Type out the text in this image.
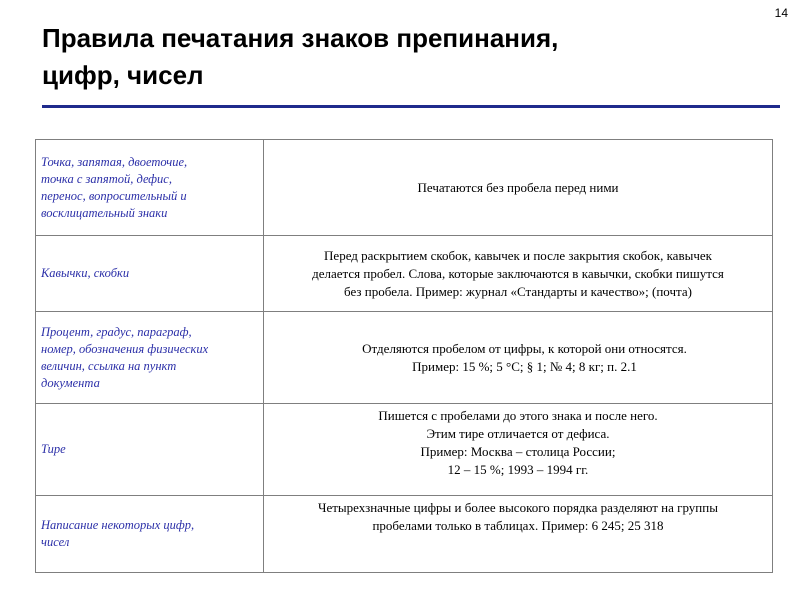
14
Правила печатания знаков препинания,
цифр, чисел
Точка, запятая, двоеточие,
точка с запятой, дефис,
перенос, вопросительный и
восклицательный знаки	Печатаются без пробела перед ними

Кавычки, скобки	Перед раскрытием скобок, кавычек и после закрытия скобок, кавычек
делается пробел. Слова, которые заключаются в кавычки, скобки пишутся
без пробела. Пример: журнал «Стандарты и качество»; (почта)

Процент, градус, параграф,
номер, обозначения физических
величин, ссылка на пункт
документа	Отделяются пробелом от цифры, к которой они относятся.
Пример: 15 %; 5 °С; § 1; № 4; 8 кг; п. 2.1

Тире	Пишется с пробелами до этого знака и после него.
Этим тире отличается от дефиса.
Пример: Москва – столица России;
12 – 15 %; 1993 – 1994 гг.

Написание некоторых цифр,
чисел	Четырехзначные цифры и более высокого порядка разделяют на группы
пробелами только в таблицах. Пример: 6 245; 25 318
